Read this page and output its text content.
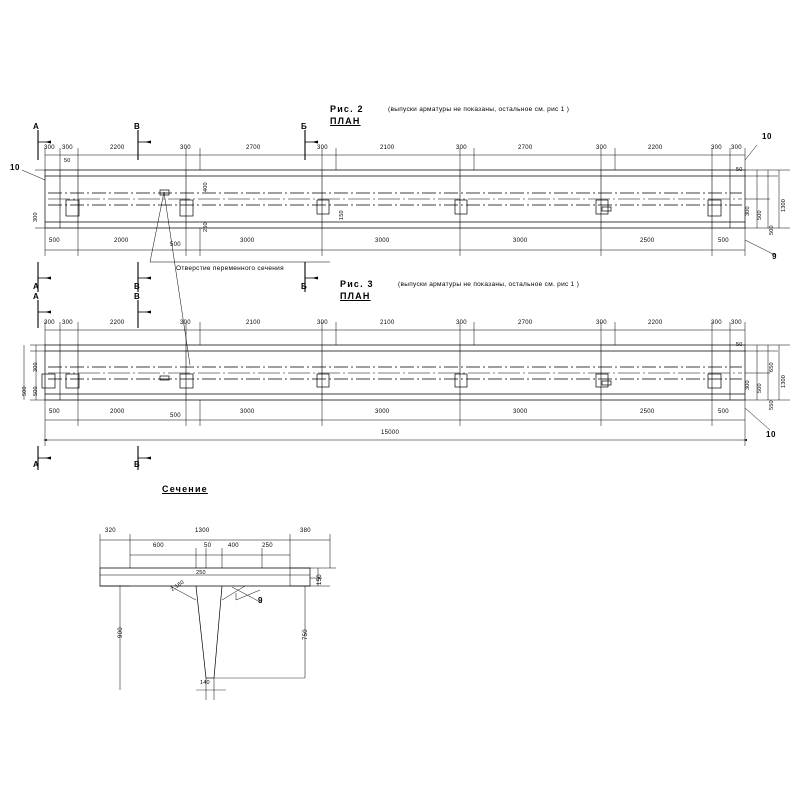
Рис. 2	(выпуски арматуры не показаны, остальное см. рис 1 )
ПЛАН
300 300	2200	300	2700	300	2100	300	2700	300	2200	300 300
50
300
500	2000
500
3000	3000	3000	2500	500
400
150
250
50
300 500
500
1300
А	В	Б
А	В	Б
10
10
9
Отверстие переменного сечения
Рис. 3	(выпуски арматуры не показаны, остальное см. рис 1 )
ПЛАН
300 300	2200	300	2100	300	2100	300	2700	300	2200	300 300
500
300
500
500	2000
500
3000	3000	3000	2500	500
15000
50
300 500
550
1300
650
А	В
А	В
10
Сечение
320	1300	380
600	50	400	250
250
140
2,160
900	750
150
9
